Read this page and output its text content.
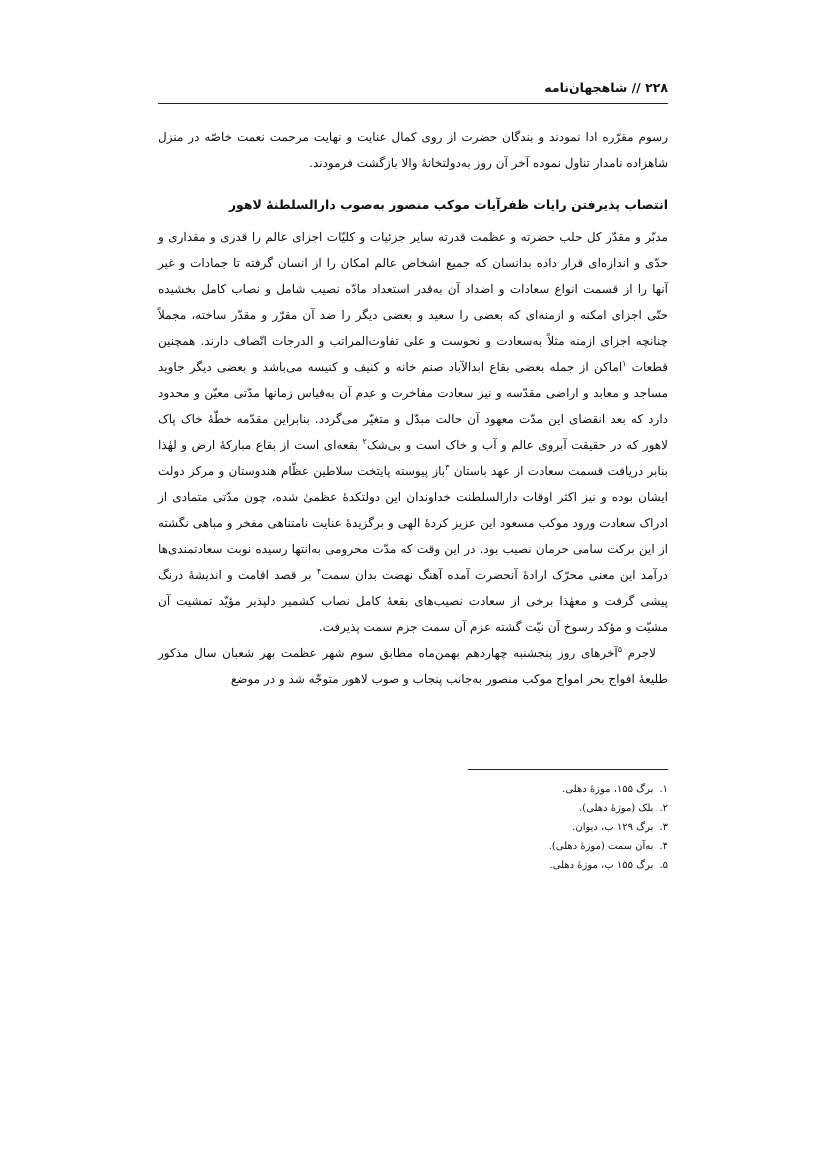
۲۲۸ // شاهجهان‌نامه

رسوم مقرّره ادا نمودند و بندگان حضرت از روی کمال عنایت و نهایت مرحمت نعمت خاصّه در منزل شاهزاده نامدار تناول نموده آخر آن روز به‌دولتخانهٔ والا بازگشت فرمودند.

انتصاب پذیرفتن رایات ظفرآیات موکب منصور به‌صوب دارالسلطنهٔ لاهور

مدبّر و مقدّر کل حلب حضرته و عظمت قدرته سایر جزئیات و کلیّات اجزای عالم را قدری و مقداری و حدّی و اندازه‌ای قرار داده بدانسان که جمیع اشخاص عالم امکان را از انسان گرفته تا جمادات و غیر آنها را از قسمت انواع سعادات و اضداد آن به‌قدر استعداد مادّه نصیب شامل و نصاب کامل بخشیده حتّی اجزای امکنه و ازمنه‌ای که بعضی را سعید و بعضی دیگر را ضد آن مقرّر و مقدّر ساخته، مجملاً چنانچه اجزای ازمنه مثلاً به‌سعادت و نحوست و علی تفاوت‌المراتب و الدرجات اتّصاف دارند. همچنین قطعات $^۱$اماکن از جمله بعضی بقاع ابدالآباد صنم خانه و کنیف و کنیسه می‌باشد و بعضی دیگر جاوید مساجد و معابد و اراضی مقدّسه و نیز سعادت مفاخرت و عدم آن به‌قیاس زمانها مدّتی معیّن و محدود دارد که بعد انقضای این مدّت معهود آن حالت مبدّل و متغیّر می‌گردد. بنابراین مقدّمه خطّهٔ خاک پاک لاهور که در حقیقت آبروی عالم و آب و خاک است و بی‌شک$^۲$ بقعه‌ای است از بقاع مبارکهٔ ارض و لهٰذا بنابر دریافت قسمت سعادت از عهد باستان $^۳$باز پیوسته پایتخت سلاطین عظّام هندوستان و مرکز دولت ایشان بوده و نیز اکثر اوقات دارالسلطنت خداوندان این دولتکدهٔ عظمیٰ شده، چون مدّتی متمادی از ادراک سعادت ورود موکب مسعود این عزیز کردهٔ الهی و برگزیدهٔ عنایت نامتناهی مفخر و مباهی نگشته از این برکت سامی حرمان نصیب بود. در این وقت که مدّت محرومی به‌انتها رسیده نوبت سعادتمندی‌ها درآمد این معنی محرّک ارادهٔ آنحضرت آمده آهنگ نهضت بدان سمت$^۴$ بر قصد اقامت و اندیشهٔ درنگ پیشی گرفت و معهٰذا برخی از سعادت نصیب‌های بقعهٔ کامل نصاب کشمیر دلپذیر مؤیّد تمشیت آن مشیّت و مؤکد رسوخ آن نیّت گشته عزم آن سمت جزم سمت پذیرفت.

لاجرم $^۵$آخرهای روز پنجشنبه چهاردهم بهمن‌ماه مطابق سوم شهر عظمت بهر شعبان سال مذکور طلیعهٔ افواج بحر امواج موکب منصور به‌جانب پنجاب و صوب لاهور متوجّه شد و در موضع

۱.برگ ۱۵۵، موزهٔ دهلی.
۲.بلک (موزهٔ دهلی).
۳.برگ ۱۲۹ ب، دیوان.
۴.به‌آن سمت (موزهٔ دهلی).
۵.برگ ۱۵۵ ب، موزهٔ دهلی.
